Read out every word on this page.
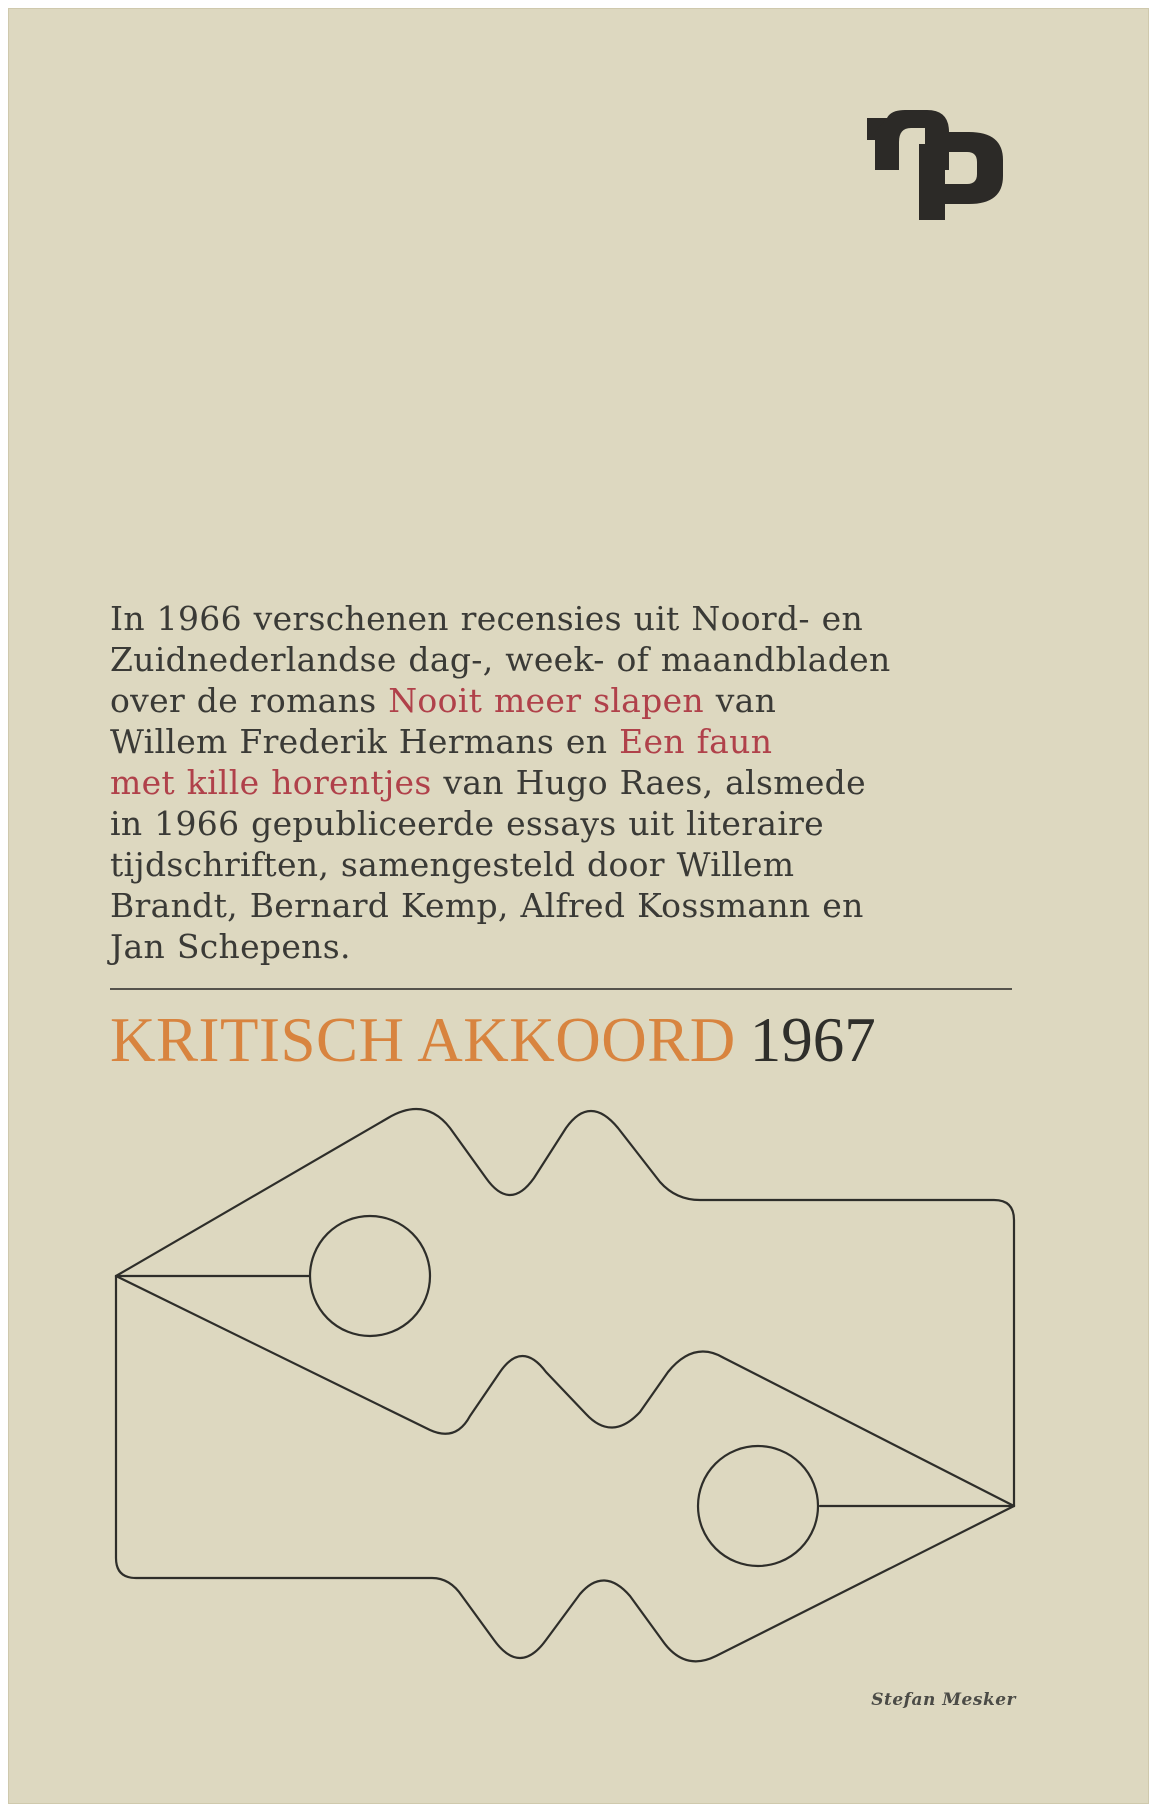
In 1966 verschenen recensies uit Noord- en
Zuidnederlandse dag-, week- of maandbladen
over de romans Nooit meer slapen van
Willem Frederik Hermans en Een faun
met kille horentjes van Hugo Raes, alsmede
in 1966 gepubliceerde essays uit literaire
tijdschriften, samengesteld door Willem
Brandt, Bernard Kemp, Alfred Kossmann en
Jan Schepens.
KRITISCH AKKOORD 1967
Stefan Mesker
